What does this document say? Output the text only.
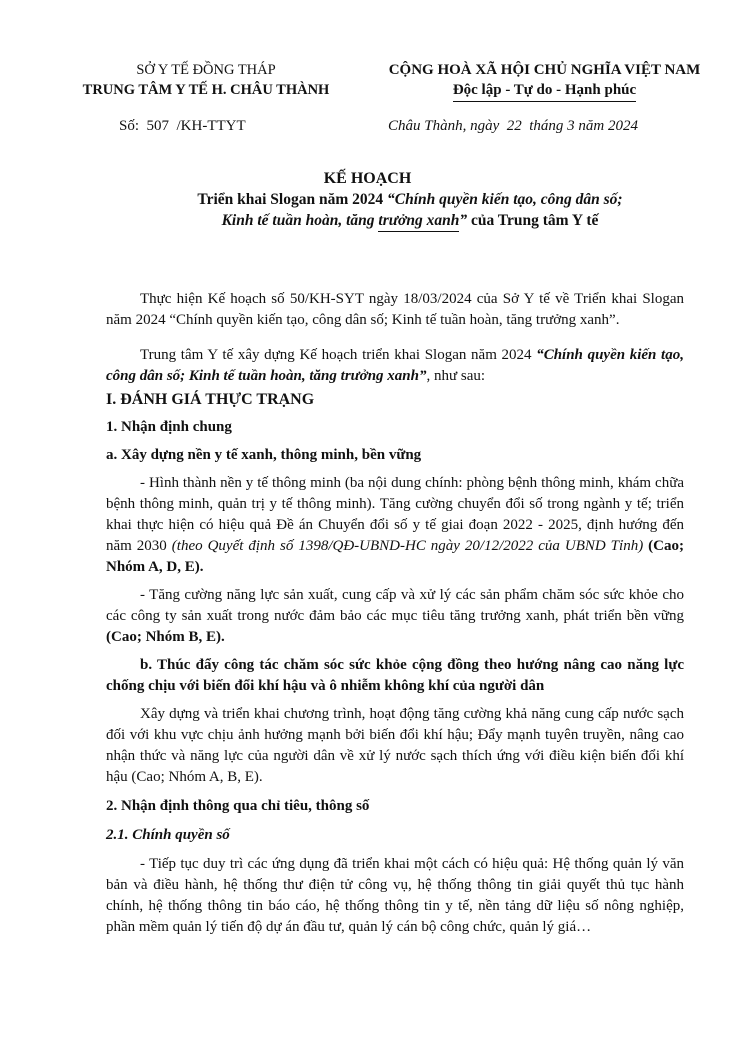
SỞ Y TẾ ĐỒNG THÁP
TRUNG TÂM Y TẾ H. CHÂU THÀNH
CỘNG HOÀ XÃ HỘI CHỦ NGHĨA VIỆT NAM
Độc lập - Tự do - Hạnh phúc
Số:  507  /KH-TTYT	Châu Thành, ngày  22  tháng 3 năm 2024
KẾ HOẠCH
Triển khai Slogan năm 2024 “Chính quyền kiến tạo, công dân số;
Kinh tế tuần hoàn, tăng trưởng xanh” của Trung tâm Y tế

Thực hiện Kế hoạch số 50/KH-SYT ngày 18/03/2024 của Sở Y tế về Triển khai Slogan năm 2024 “Chính quyền kiến tạo, công dân số; Kinh tế tuần hoàn, tăng trưởng xanh”.

Trung tâm Y tế xây dựng Kế hoạch triển khai Slogan năm 2024 “Chính quyền kiến tạo, công dân số; Kinh tế tuần hoàn, tăng trưởng xanh”, như sau:

I. ĐÁNH GIÁ THỰC TRẠNG

1. Nhận định chung

a. Xây dựng nền y tế xanh, thông minh, bền vững

- Hình thành nền y tế thông minh (ba nội dung chính: phòng bệnh thông minh, khám chữa bệnh thông minh, quản trị y tế thông minh). Tăng cường chuyển đổi số trong ngành y tế; triển khai thực hiện có hiệu quả Đề án Chuyển đổi số y tế giai đoạn 2022 - 2025, định hướng đến năm 2030 (theo Quyết định số 1398/QĐ-UBND-HC ngày 20/12/2022 của UBND Tỉnh) (Cao; Nhóm A, D, E).

- Tăng cường năng lực sản xuất, cung cấp và xử lý các sản phẩm chăm sóc sức khỏe cho các công ty sản xuất trong nước đảm bảo các mục tiêu tăng trưởng xanh, phát triển bền vững (Cao; Nhóm B, E).

b. Thúc đẩy công tác chăm sóc sức khỏe cộng đồng theo hướng nâng cao năng lực chống chịu với biến đổi khí hậu và ô nhiễm không khí của người dân

Xây dựng và triển khai chương trình, hoạt động tăng cường khả năng cung cấp nước sạch đối với khu vực chịu ảnh hưởng mạnh bởi biến đổi khí hậu; Đẩy mạnh tuyên truyền, nâng cao nhận thức và năng lực của người dân về xử lý nước sạch thích ứng với điều kiện biến đổi khí hậu (Cao; Nhóm A, B, E).

2. Nhận định thông qua chỉ tiêu, thông số

2.1. Chính quyền số

- Tiếp tục duy trì các ứng dụng đã triển khai một cách có hiệu quả: Hệ thống quản lý văn bản và điều hành, hệ thống thư điện tử công vụ, hệ thống thông tin giải quyết thủ tục hành chính, hệ thống thông tin báo cáo, hệ thống thông tin y tế, nền tảng dữ liệu số nông nghiệp, phần mềm quản lý tiến độ dự án đầu tư, quản lý cán bộ công chức, quản lý giá…
